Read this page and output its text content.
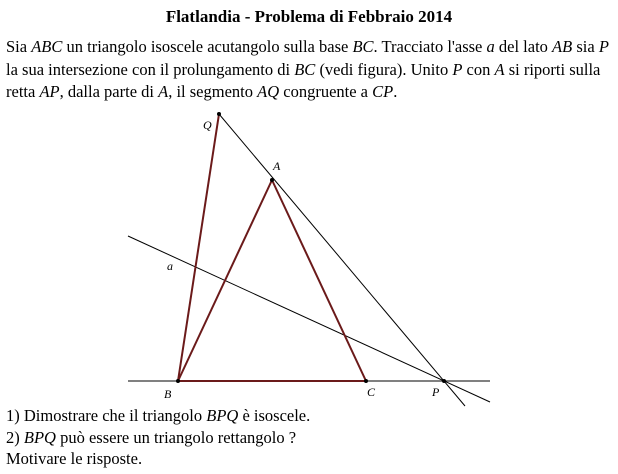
Flatlandia - Problema di Febbraio 2014
Sia ABC un triangolo isoscele acutangolo sulla base BC. Tracciato l'asse a del lato AB sia P la sua intersezione con il prolungamento di BC (vedi figura). Unito P con A si riporti sulla retta AP, dalla parte di A, il segmento AQ congruente a CP.
Q
A
a
B	C	P
1) Dimostrare che il triangolo BPQ è isoscele.
2) BPQ può essere un triangolo rettangolo ?
Motivare le risposte.
